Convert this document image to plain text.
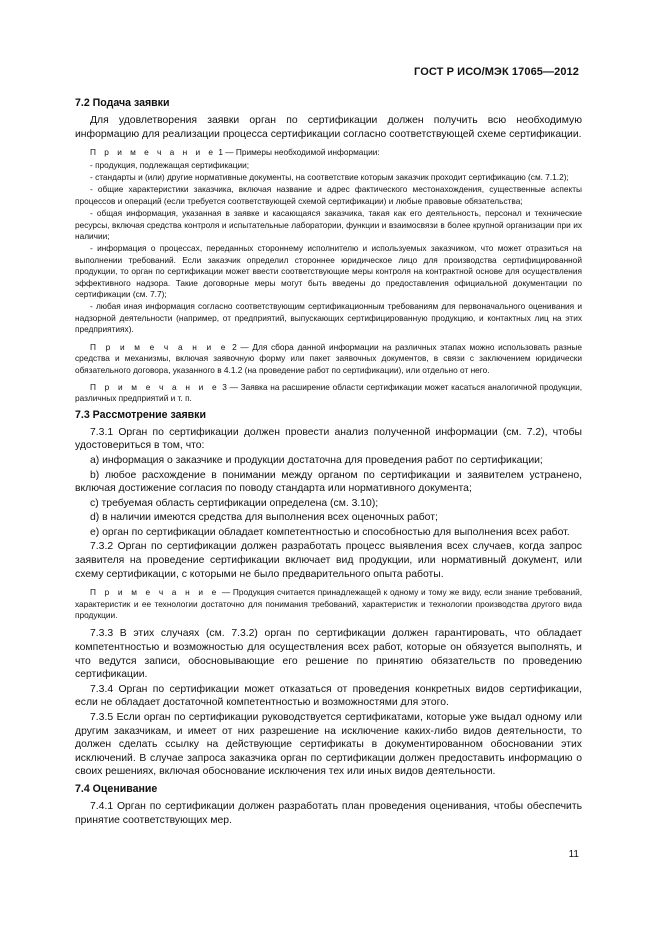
ГОСТ Р ИСО/МЭК 17065—2012
7.2 Подача заявки
Для удовлетворения заявки орган по сертификации должен получить всю необходимую информацию для реализации процесса сертификации согласно соответствующей схеме сертификации.
П р и м е ч а н и е 1 — Примеры необходимой информации:
- продукция, подлежащая сертификации;
- стандарты и (или) другие нормативные документы, на соответствие которым заказчик проходит сертификацию (см. 7.1.2);
- общие характеристики заказчика, включая название и адрес фактического местонахождения, существенные аспекты процессов и операций (если требуется соответствующей схемой сертификации) и любые правовые обязательства;
- общая информация, указанная в заявке и касающаяся заказчика, такая как его деятельность, персонал и технические ресурсы, включая средства контроля и испытательные лаборатории, функции и взаимосвязи в более крупной организации при их наличии;
- информация о процессах, переданных стороннему исполнителю и используемых заказчиком, что может отразиться на выполнении требований. Если заказчик определил стороннее юридическое лицо для производства сертифицированной продукции, то орган по сертификации может ввести соответствующие меры контроля на контрактной основе для осуществления эффективного надзора. Такие договорные меры могут быть введены до предоставления официальной документации по сертификации (см. 7.7);
- любая иная информация согласно соответствующим сертификационным требованиям для первоначального оценивания и надзорной деятельности (например, от предприятий, выпускающих сертифицированную продукцию, и контактных лиц на этих предприятиях).
П р и м е ч а н и е 2 — Для сбора данной информации на различных этапах можно использовать разные средства и механизмы, включая заявочную форму или пакет заявочных документов, в связи с заключением юридически обязательного договора, указанного в 4.1.2 (на проведение работ по сертификации), или отдельно от него.
П р и м е ч а н и е 3 — Заявка на расширение области сертификации может касаться аналогичной продукции, различных предприятий и т. п.
7.3 Рассмотрение заявки
7.3.1 Орган по сертификации должен провести анализ полученной информации (см. 7.2), чтобы удостовериться в том, что:
a) информация о заказчике и продукции достаточна для проведения работ по сертификации;
b) любое расхождение в понимании между органом по сертификации и заявителем устранено, включая достижение согласия по поводу стандарта или нормативного документа;
c) требуемая область сертификации определена (см. 3.10);
d) в наличии имеются средства для выполнения всех оценочных работ;
e) орган по сертификации обладает компетентностью и способностью для выполнения всех работ.
7.3.2 Орган по сертификации должен разработать процесс выявления всех случаев, когда запрос заявителя на проведение сертификации включает вид продукции, или нормативный документ, или схему сертификации, с которыми не было предварительного опыта работы.
П р и м е ч а н и е — Продукция считается принадлежащей к одному и тому же виду, если знание требований, характеристик и ее технологии достаточно для понимания требований, характеристик и технологии производства другого вида продукции.
7.3.3 В этих случаях (см. 7.3.2) орган по сертификации должен гарантировать, что обладает компетентностью и возможностью для осуществления всех работ, которые он обязуется выполнять, и что ведутся записи, обосновывающие его решение по принятию обязательств по проведению сертификации.
7.3.4 Орган по сертификации может отказаться от проведения конкретных видов сертификации, если не обладает достаточной компетентностью и возможностями для этого.
7.3.5 Если орган по сертификации руководствуется сертификатами, которые уже выдал одному или другим заказчикам, и имеет от них разрешение на исключение каких-либо видов деятельности, то должен сделать ссылку на действующие сертификаты в документированном обосновании этих исключений. В случае запроса заказчика орган по сертификации должен предоставить информацию о своих решениях, включая обоснование исключения тех или иных видов деятельности.
7.4 Оценивание
7.4.1 Орган по сертификации должен разработать план проведения оценивания, чтобы обеспечить принятие соответствующих мер.
11
